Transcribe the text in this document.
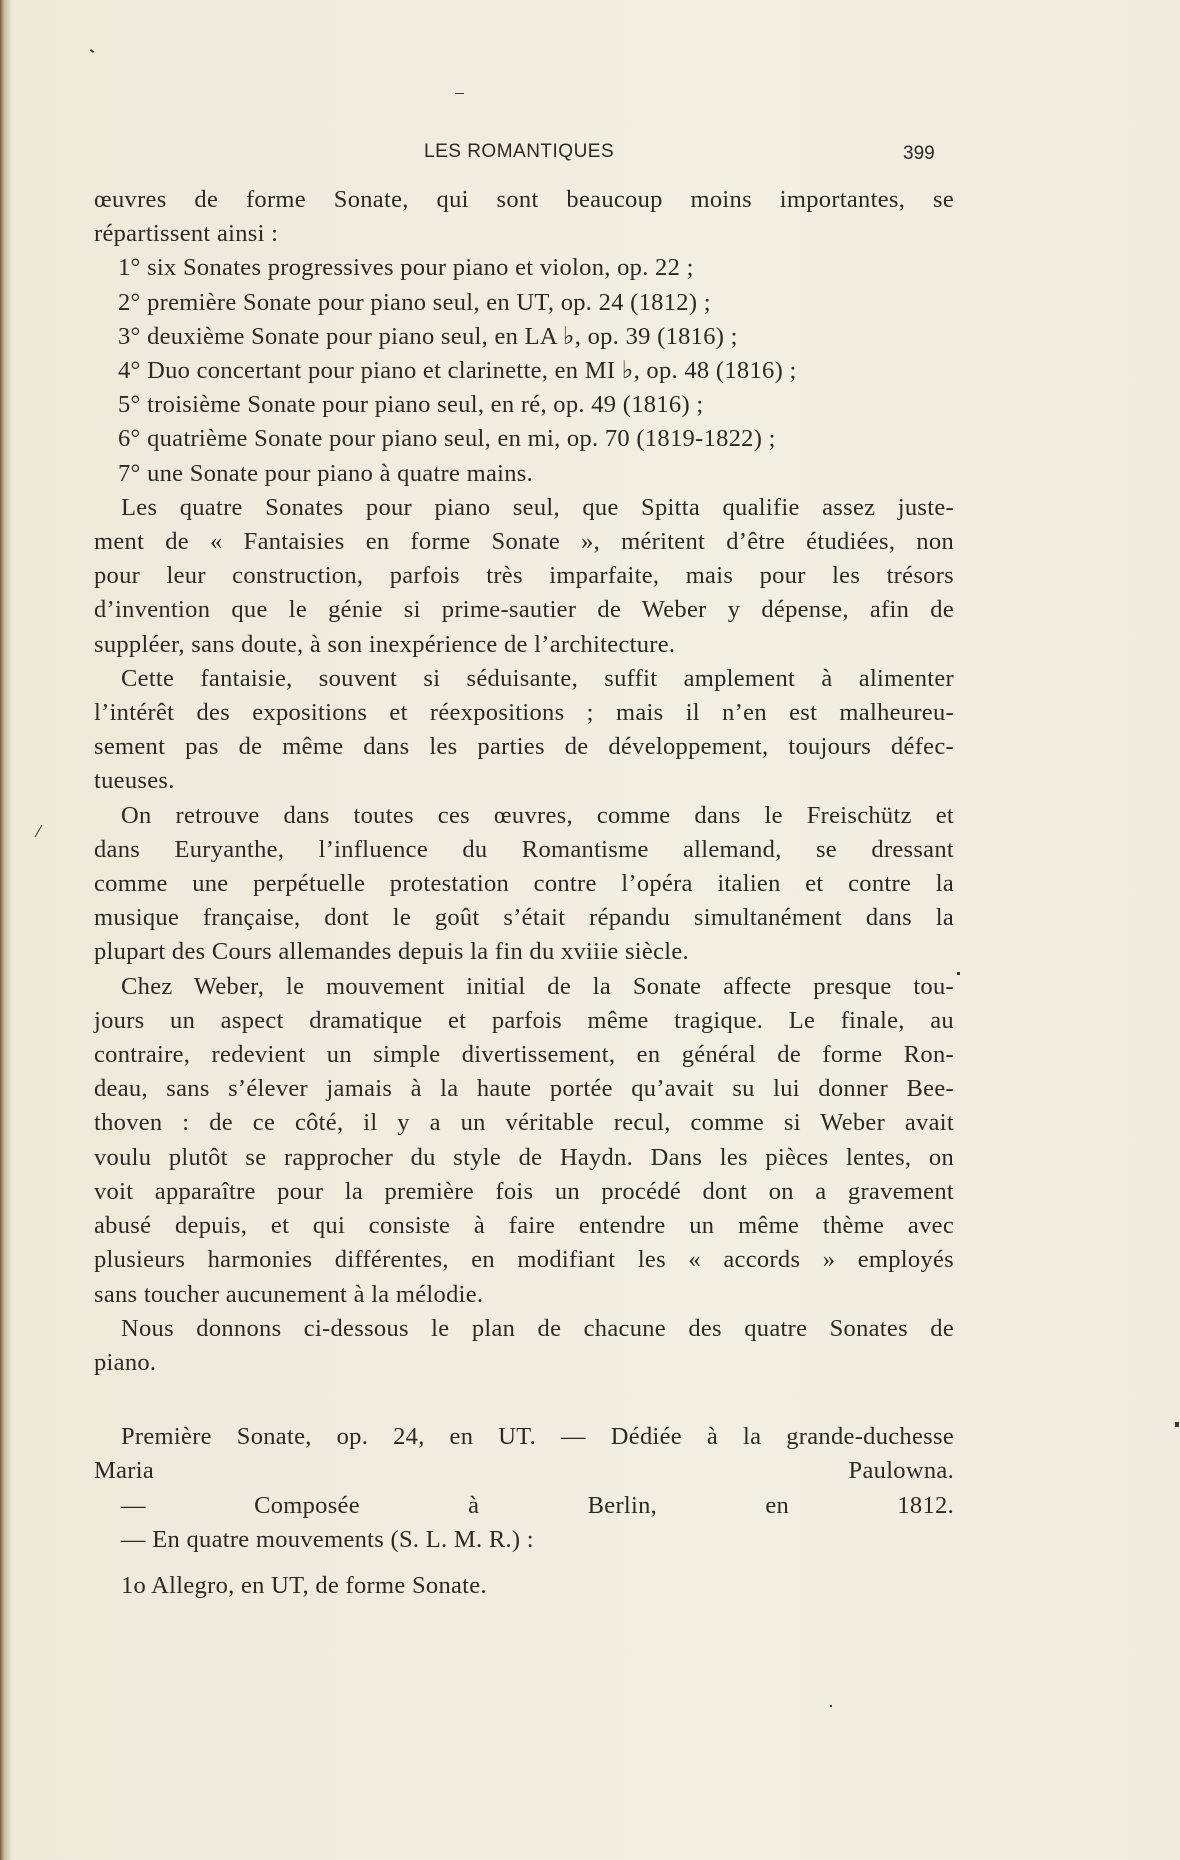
LES ROMANTIQUES	399
œuvres de forme Sonate, qui sont beaucoup moins importantes, se
répartissent ainsi :
1° six Sonates progressives pour piano et violon, op. 22 ;
2° première Sonate pour piano seul, en UT, op. 24 (1812) ;
3° deuxième Sonate pour piano seul, en LA ♭, op. 39 (1816) ;
4° Duo concertant pour piano et clarinette, en MI ♭, op. 48 (1816) ;
5° troisième Sonate pour piano seul, en ré, op. 49 (1816) ;
6° quatrième Sonate pour piano seul, en mi, op. 70 (1819-1822) ;
7° une Sonate pour piano à quatre mains.
Les quatre Sonates pour piano seul, que Spitta qualifie assez juste-
ment de « Fantaisies en forme Sonate », méritent d’être étudiées, non
pour leur construction, parfois très imparfaite, mais pour les trésors
d’invention que le génie si prime-sautier de Weber y dépense, afin de
suppléer, sans doute, à son inexpérience de l’architecture.
Cette fantaisie, souvent si séduisante, suffit amplement à alimenter
l’intérêt des expositions et réexpositions ; mais il n’en est malheureu-
sement pas de même dans les parties de développement, toujours défec-
tueuses.
On retrouve dans toutes ces œuvres, comme dans le Freischütz et
dans Euryanthe, l’influence du Romantisme allemand, se dressant
comme une perpétuelle protestation contre l’opéra italien et contre la
musique française, dont le goût s’était répandu simultanément dans la
plupart des Cours allemandes depuis la fin du xviiie siècle.
Chez Weber, le mouvement initial de la Sonate affecte presque tou-
jours un aspect dramatique et parfois même tragique. Le finale, au
contraire, redevient un simple divertissement, en général de forme Ron-
deau, sans s’élever jamais à la haute portée qu’avait su lui donner Bee-
thoven : de ce côté, il y a un véritable recul, comme si Weber avait
voulu plutôt se rapprocher du style de Haydn. Dans les pièces lentes, on
voit apparaître pour la première fois un procédé dont on a gravement
abusé depuis, et qui consiste à faire entendre un même thème avec
plusieurs harmonies différentes, en modifiant les « accords » employés
sans toucher aucunement à la mélodie.
Nous donnons ci-dessous le plan de chacune des quatre Sonates de
piano.
Première Sonate, op. 24, en UT. — Dédiée à la grande-duchesse
Maria Paulowna.
— Composée à Berlin, en 1812.
— En quatre mouvements (S. L. M. R.) :
1o Allegro, en UT, de forme Sonate.
